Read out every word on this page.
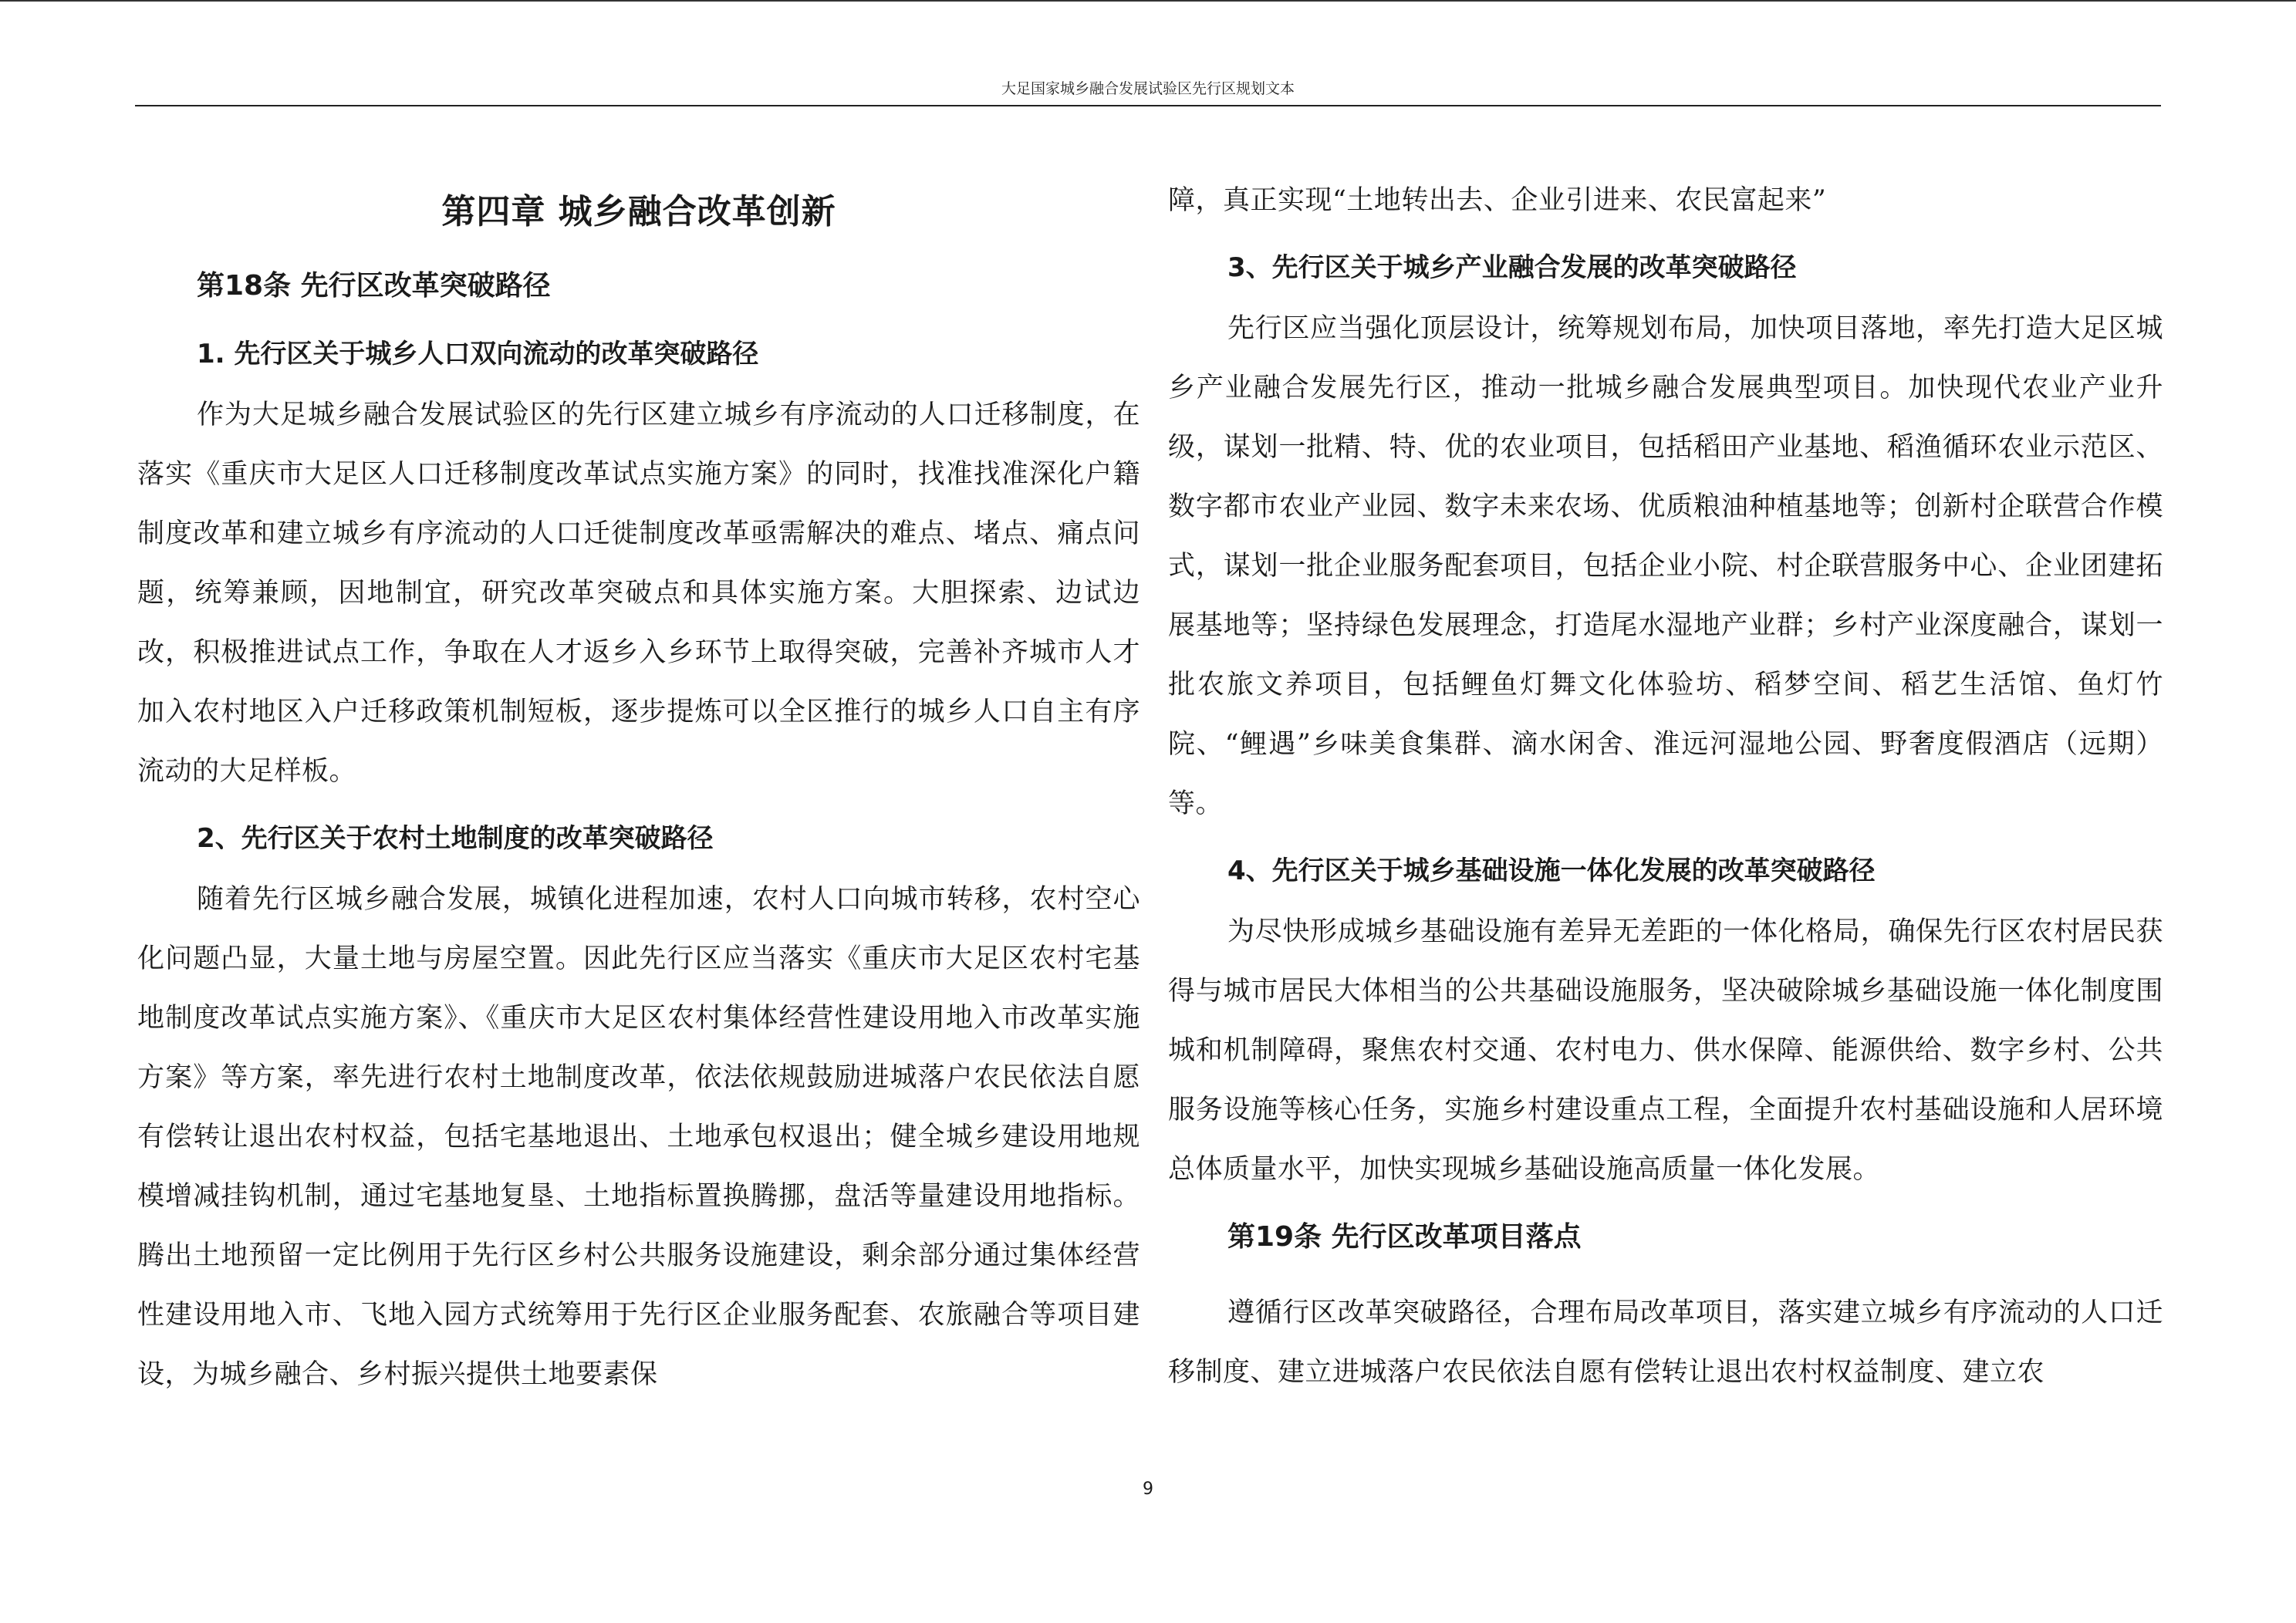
大足国家城乡融合发展试验区先行区规划文本
第四章 城乡融合改革创新
第18条 先行区改革突破路径
1. 先行区关于城乡人口双向流动的改革突破路径

作为大足城乡融合发展试验区的先行区建立城乡有序流动的人口迁移制度，在落实《重庆市大足区人口迁移制度改革试点实施方案》的同时，找准找准深化户籍制度改革和建立城乡有序流动的人口迁徙制度改革亟需解决的难点、堵点、痛点问题，统筹兼顾，因地制宜，研究改革突破点和具体实施方案。大胆探索、边试边改，积极推进试点工作，争取在人才返乡入乡环节上取得突破，完善补齐城市人才加入农村地区入户迁移政策机制短板，逐步提炼可以全区推行的城乡人口自主有序流动的大足样板。

2、先行区关于农村土地制度的改革突破路径

随着先行区城乡融合发展，城镇化进程加速，农村人口向城市转移，农村空心化问题凸显，大量土地与房屋空置。因此先行区应当落实《重庆市大足区农村宅基地制度改革试点实施方案》、《重庆市大足区农村集体经营性建设用地入市改革实施方案》等方案，率先进行农村土地制度改革，依法依规鼓励进城落户农民依法自愿有偿转让退出农村权益，包括宅基地退出、土地承包权退出；健全城乡建设用地规模增减挂钩机制，通过宅基地复垦、土地指标置换腾挪，盘活等量建设用地指标。腾出土地预留一定比例用于先行区乡村公共服务设施建设，剩余部分通过集体经营性建设用地入市、飞地入园方式统筹用于先行区企业服务配套、农旅融合等项目建设，为城乡融合、乡村振兴提供土地要素保

障，真正实现“土地转出去、企业引进来、农民富起来”

3、先行区关于城乡产业融合发展的改革突破路径

先行区应当强化顶层设计，统筹规划布局，加快项目落地，率先打造大足区城乡产业融合发展先行区，推动一批城乡融合发展典型项目。加快现代农业产业升级，谋划一批精、特、优的农业项目，包括稻田产业基地、稻渔循环农业示范区、数字都市农业产业园、数字未来农场、优质粮油种植基地等；创新村企联营合作模式，谋划一批企业服务配套项目，包括企业小院、村企联营服务中心、企业团建拓展基地等；坚持绿色发展理念，打造尾水湿地产业群；乡村产业深度融合，谋划一批农旅文养项目，包括鲤鱼灯舞文化体验坊、稻梦空间、稻艺生活馆、鱼灯竹院、“鲤遇”乡味美食集群、滴水闲舍、淮远河湿地公园、野奢度假酒店（远期）等。

4、先行区关于城乡基础设施一体化发展的改革突破路径

为尽快形成城乡基础设施有差异无差距的一体化格局，确保先行区农村居民获得与城市居民大体相当的公共基础设施服务，坚决破除城乡基础设施一体化制度围城和机制障碍，聚焦农村交通、农村电力、供水保障、能源供给、数字乡村、公共服务设施等核心任务，实施乡村建设重点工程，全面提升农村基础设施和人居环境总体质量水平，加快实现城乡基础设施高质量一体化发展。

第19条 先行区改革项目落点

遵循行区改革突破路径，合理布局改革项目，落实建立城乡有序流动的人口迁移制度、建立进城落户农民依法自愿有偿转让退出农村权益制度、建立农

9
